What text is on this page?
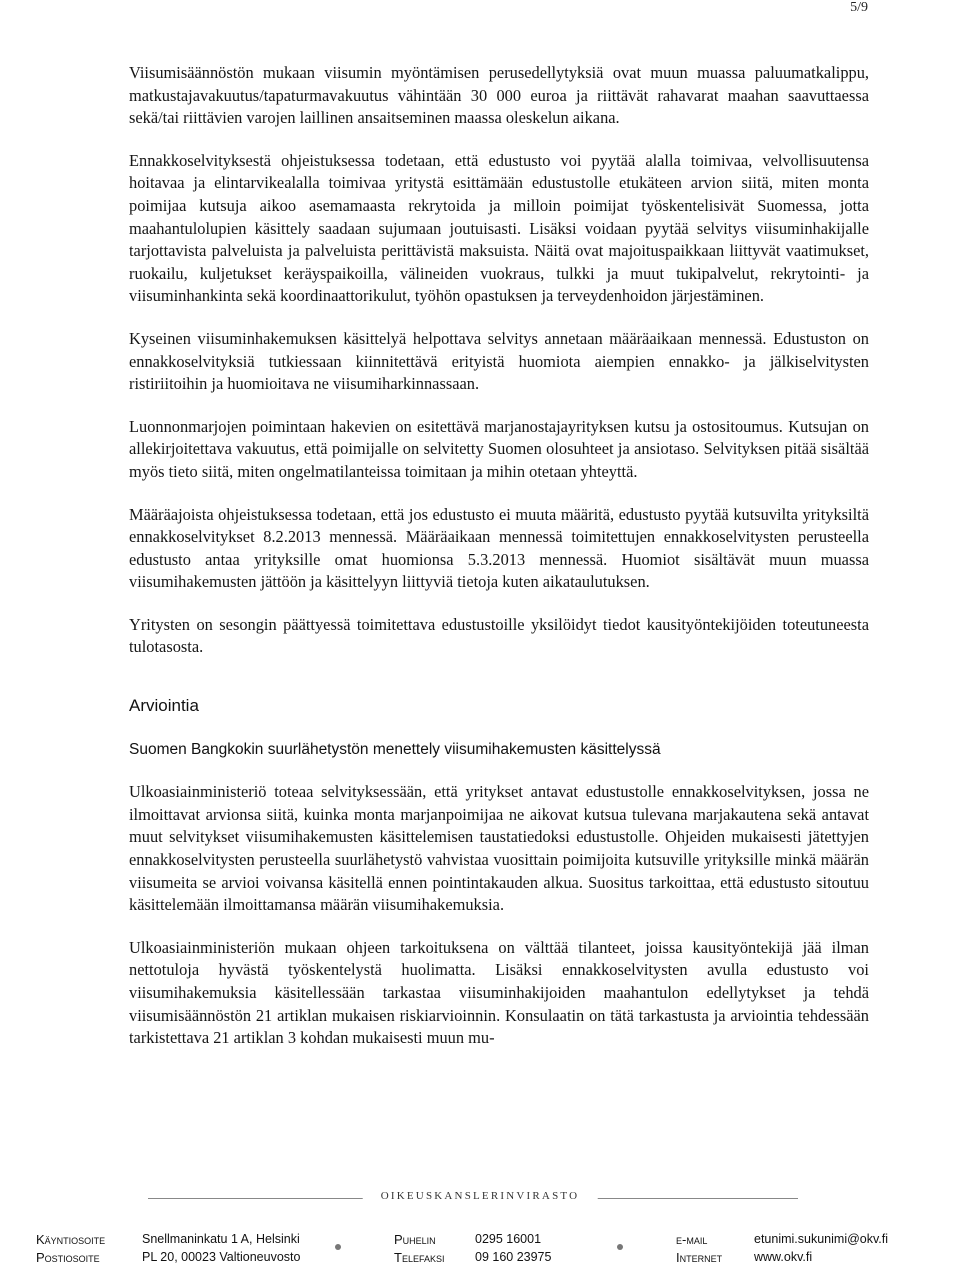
5/9

Viisumisäännöstön mukaan viisumin myöntämisen perusedellytyksiä ovat muun muassa paluumatkalippu, matkustajavakuutus/tapaturmavakuutus vähintään 30 000 euroa ja riittävät rahavarat maahan saavuttaessa sekä/tai riittävien varojen laillinen ansaitseminen maassa oleskelun aikana.

Ennakkoselvityksestä ohjeistuksessa todetaan, että edustusto voi pyytää alalla toimivaa, velvollisuutensa hoitavaa ja elintarvikealalla toimivaa yritystä esittämään edustustolle etukäteen arvion siitä, miten monta poimijaa kutsuja aikoo asemamaasta rekrytoida ja milloin poimijat työskentelisivät Suomessa, jotta maahantulolupien käsittely saadaan sujumaan joutuisasti. Lisäksi voidaan pyytää selvitys viisuminhakijalle tarjottavista palveluista ja palveluista perittävistä maksuista. Näitä ovat majoituspaikkaan liittyvät vaatimukset, ruokailu, kuljetukset keräyspaikoilla, välineiden vuokraus, tulkki ja muut tukipalvelut, rekrytointi- ja viisuminhankinta sekä koordinaattorikulut, työhön opastuksen ja terveydenhoidon järjestäminen.

Kyseinen viisuminhakemuksen käsittelyä helpottava selvitys annetaan määräaikaan mennessä. Edustuston on ennakkoselvityksiä tutkiessaan kiinnitettävä erityistä huomiota aiempien ennakko- ja jälkiselvitysten ristiriitoihin ja huomioitava ne viisumiharkinnassaan.

Luonnonmarjojen poimintaan hakevien on esitettävä marjanostajayrityksen kutsu ja ostositoumus. Kutsujan on allekirjoitettava vakuutus, että poimijalle on selvitetty Suomen olosuhteet ja ansiotaso. Selvityksen pitää sisältää myös tieto siitä, miten ongelmatilanteissa toimitaan ja mihin otetaan yhteyttä.

Määräajoista ohjeistuksessa todetaan, että jos edustusto ei muuta määritä, edustusto pyytää kutsuvilta yrityksiltä ennakkoselvitykset 8.2.2013 mennessä. Määräaikaan mennessä toimitettujen ennakkoselvitysten perusteella edustusto antaa yrityksille omat huomionsa 5.3.2013 mennessä. Huomiot sisältävät muun muassa viisumihakemusten jättöön ja käsittelyyn liittyviä tietoja kuten aikataulutuksen.

Yritysten on sesongin päättyessä toimitettava edustustoille yksilöidyt tiedot kausityöntekijöiden toteutuneesta tulotasosta.

Arviointia
Suomen Bangkokin suurlähetystön menettely viisumihakemusten käsittelyssä

Ulkoasiainministeriö toteaa selvityksessään, että yritykset antavat edustustolle ennakkoselvityksen, jossa ne ilmoittavat arvionsa siitä, kuinka monta marjanpoimijaa ne aikovat kutsua tulevana marjakautena sekä antavat muut selvitykset viisumihakemusten käsittelemisen taustatiedoksi edustustolle. Ohjeiden mukaisesti jätettyjen ennakkoselvitysten perusteella suurlähetystö vahvistaa vuosittain poimijoita kutsuville yrityksille minkä määrän viisumeita se arvioi voivansa käsitellä ennen pointintakauden alkua. Suositus tarkoittaa, että edustusto sitoutuu käsittelemään ilmoittamansa määrän viisumihakemuksia.

Ulkoasiainministeriön mukaan ohjeen tarkoituksena on välttää tilanteet, joissa kausityöntekijä jää ilman nettotuloja hyvästä työskentelystä huolimatta. Lisäksi ennakkoselvitysten avulla edustusto voi viisumihakemuksia käsitellessään tarkastaa viisuminhakijoiden maahantulon edellytykset ja tehdä viisumisäännöstön 21 artiklan mukaisen riskiarvioinnin. Konsulaatin on tätä tarkastusta ja arviointia tehdessään tarkistettava 21 artiklan 3 kohdan mukaisesti muun mu-

OIKEUSKANSLERINVIRASTO
Käyntiosoite	Snellmaninkatu 1 A, Helsinki	Puhelin	0295 16001	e-mail	etunimi.sukunimi@okv.fi
Postiosoite	PL 20, 00023 Valtioneuvosto	Telefaksi 09 160 23975	Internet	www.okv.fi
